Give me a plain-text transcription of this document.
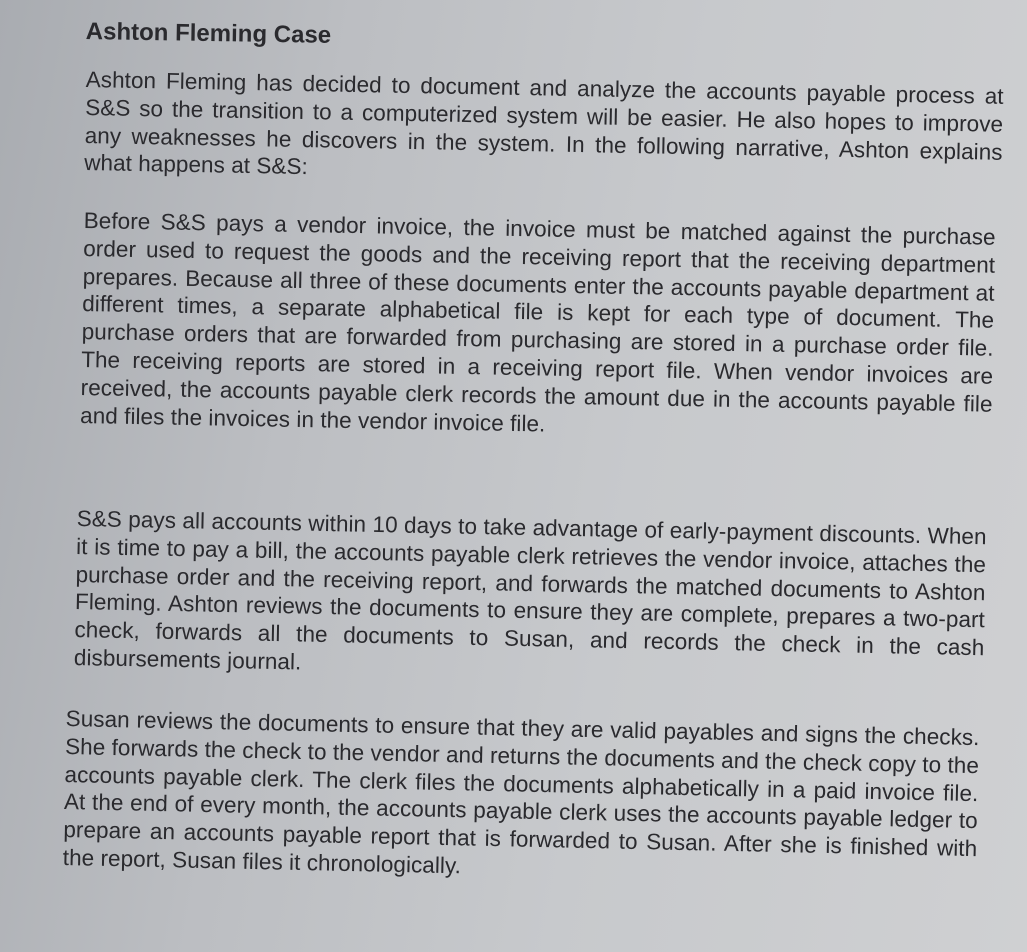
Ashton Fleming Case

Ashton Fleming has decided to document and analyze the accounts payable process at S&S so the transition to a computerized system will be easier. He also hopes to improve any weaknesses he discovers in the system. In the following narrative, Ashton explains what happens at S&S:

Before S&S pays a vendor invoice, the invoice must be matched against the purchase order used to request the goods and the receiving report that the receiving department prepares. Because all three of these documents enter the accounts payable department at different times, a separate alphabetical file is kept for each type of document. The purchase orders that are forwarded from purchasing are stored in a purchase order file. The receiving reports are stored in a receiving report file. When vendor invoices are received, the accounts payable clerk records the amount due in the accounts payable file and files the invoices in the vendor invoice file.

S&S pays all accounts within 10 days to take advantage of early-payment discounts. When it is time to pay a bill, the accounts payable clerk retrieves the vendor invoice, attaches the purchase order and the receiving report, and forwards the matched documents to Ashton Fleming. Ashton reviews the documents to ensure they are complete, prepares a two-part check, forwards all the documents to Susan, and records the check in the cash disbursements journal.

Susan reviews the documents to ensure that they are valid payables and signs the checks. She forwards the check to the vendor and returns the documents and the check copy to the accounts payable clerk. The clerk files the documents alphabetically in a paid invoice file. At the end of every month, the accounts payable clerk uses the accounts payable ledger to prepare an accounts payable report that is forwarded to Susan. After she is finished with the report, Susan files it chronologically.
